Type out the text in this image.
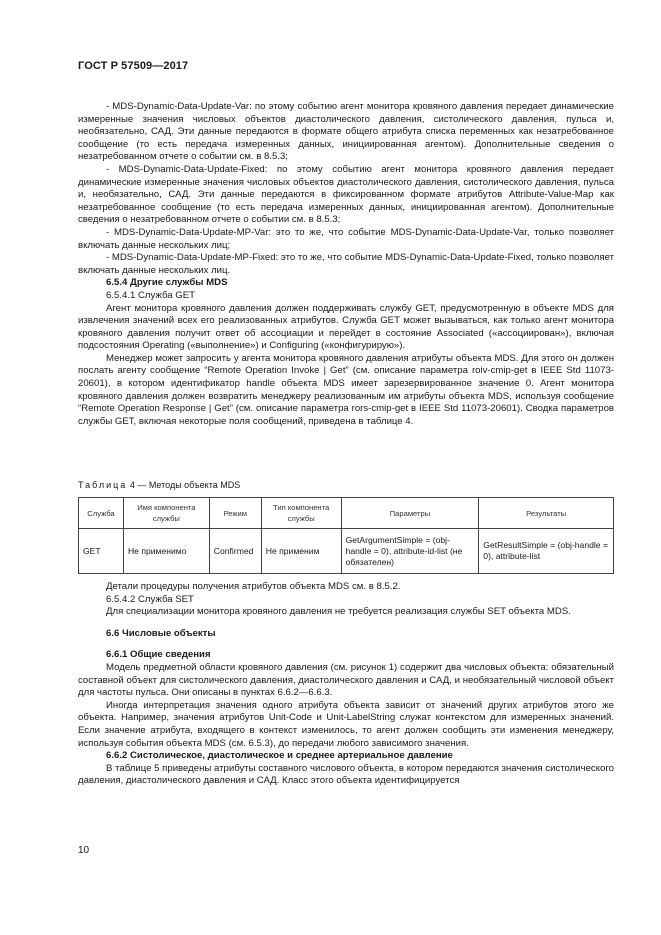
ГОСТ Р 57509—2017

- MDS-Dynamic-Data-Update-Var: по этому событию агент монитора кровяного давления передает динамические измеренные значения числовых объектов диастолического давления, систолического давления, пульса и, необязательно, САД. Эти данные передаются в формате общего атрибута списка переменных как незатребованное сообщение (то есть передача измеренных данных, инициированная агентом). Дополнительные сведения о незатребованном отчете о событии см. в 8.5.3;

- MDS-Dynamic-Data-Update-Fixed: по этому событию агент монитора кровяного давления передает динамические измеренные значения числовых объектов диастолического давления, систолического давления, пульса и, необязательно, САД. Эти данные передаются в фиксированном формате атрибутов Attribute-Value-Map как незатребованное сообщение (то есть передача измеренных данных, инициированная агентом). Дополнительные сведения о незатребованном отчете о событии см. в 8.5.3;

- MDS-Dynamic-Data-Update-MP-Var: это то же, что событие MDS-Dynamic-Data-Update-Var, только позволяет включать данные нескольких лиц;

- MDS-Dynamic-Data-Update-MP-Fixed: это то же, что событие MDS-Dynamic-Data-Update-Fixed, только позволяет включать данные нескольких лиц.

6.5.4 Другие службы MDS

6.5.4.1 Служба GET

Агент монитора кровяного давления должен поддерживать службу GET, предусмотренную в объекте MDS для извлечения значений всех его реализованных атрибутов. Служба GET может вызываться, как только агент монитора кровяного давления получит ответ об ассоциации и перейдет в состояние Associated («ассоциирован»), включая подсостояния Operating («выполнение») и Configuring («конфигурирую»).

Менеджер может запросить у агента монитора кровяного давления атрибуты объекта MDS. Для этого он должен послать агенту сообщение “Remote Operation Invoke | Get” (см. описание параметра roiv-cmip-get в IEEE Std 11073-20601), в котором идентификатор handle объекта MDS имеет зарезервированное значение 0. Агент монитора кровяного давления должен возвратить менеджеру реализованным им атрибуты объекта MDS, используя сообщение “Remote Operation Response | Get” (см. описание параметра rors-cmip-get в IEEE Std 11073-20601). Сводка параметров службы GET, включая некоторые поля сообщений, приведена в таблице 4.

Таблица 4 — Методы объекта MDS
Служба	Имя компонента службы	Режим	Тип компонента службы	Параметры	Результаты
GET	Не применимо	Confirmed	Не применим	GetArgumentSimple = (obj-handle = 0), attribute-id-list (не обязателен)	GetResultSimple = (obj-handle = 0), attribute-list

Детали процедуры получения атрибутов объекта MDS см. в 8.5.2.

6.5.4.2 Служба SET

Для специализации монитора кровяного давления не требуется реализация службы SET объекта MDS.

6.6 Числовые объекты

6.6.1 Общие сведения

Модель предметной области кровяного давления (см. рисунок 1) содержит два числовых объекта: обязательный составной объект для систолического давления, диастолического давления и САД, и необязательный числовой объект для частоты пульса. Они описаны в пунктах 6.6.2—6.6.3.

Иногда интерпретация значения одного атрибута объекта зависит от значений других атрибутов этого же объекта. Например, значения атрибутов Unit-Code и Unit-LabelString служат контекстом для измеренных значений. Если значение атрибута, входящего в контекст изменилось, то агент должен сообщить эти изменения менеджеру, используя события объекта MDS (см. 6.5.3), до передачи любого зависимого значения.

6.6.2 Систолическое, диастолическое и среднее артериальное давление

В таблице 5 приведены атрибуты составного числового объекта, в котором передаются значения систолического давления, диастолического давления и САД. Класс этого объекта идентифицируется

10
